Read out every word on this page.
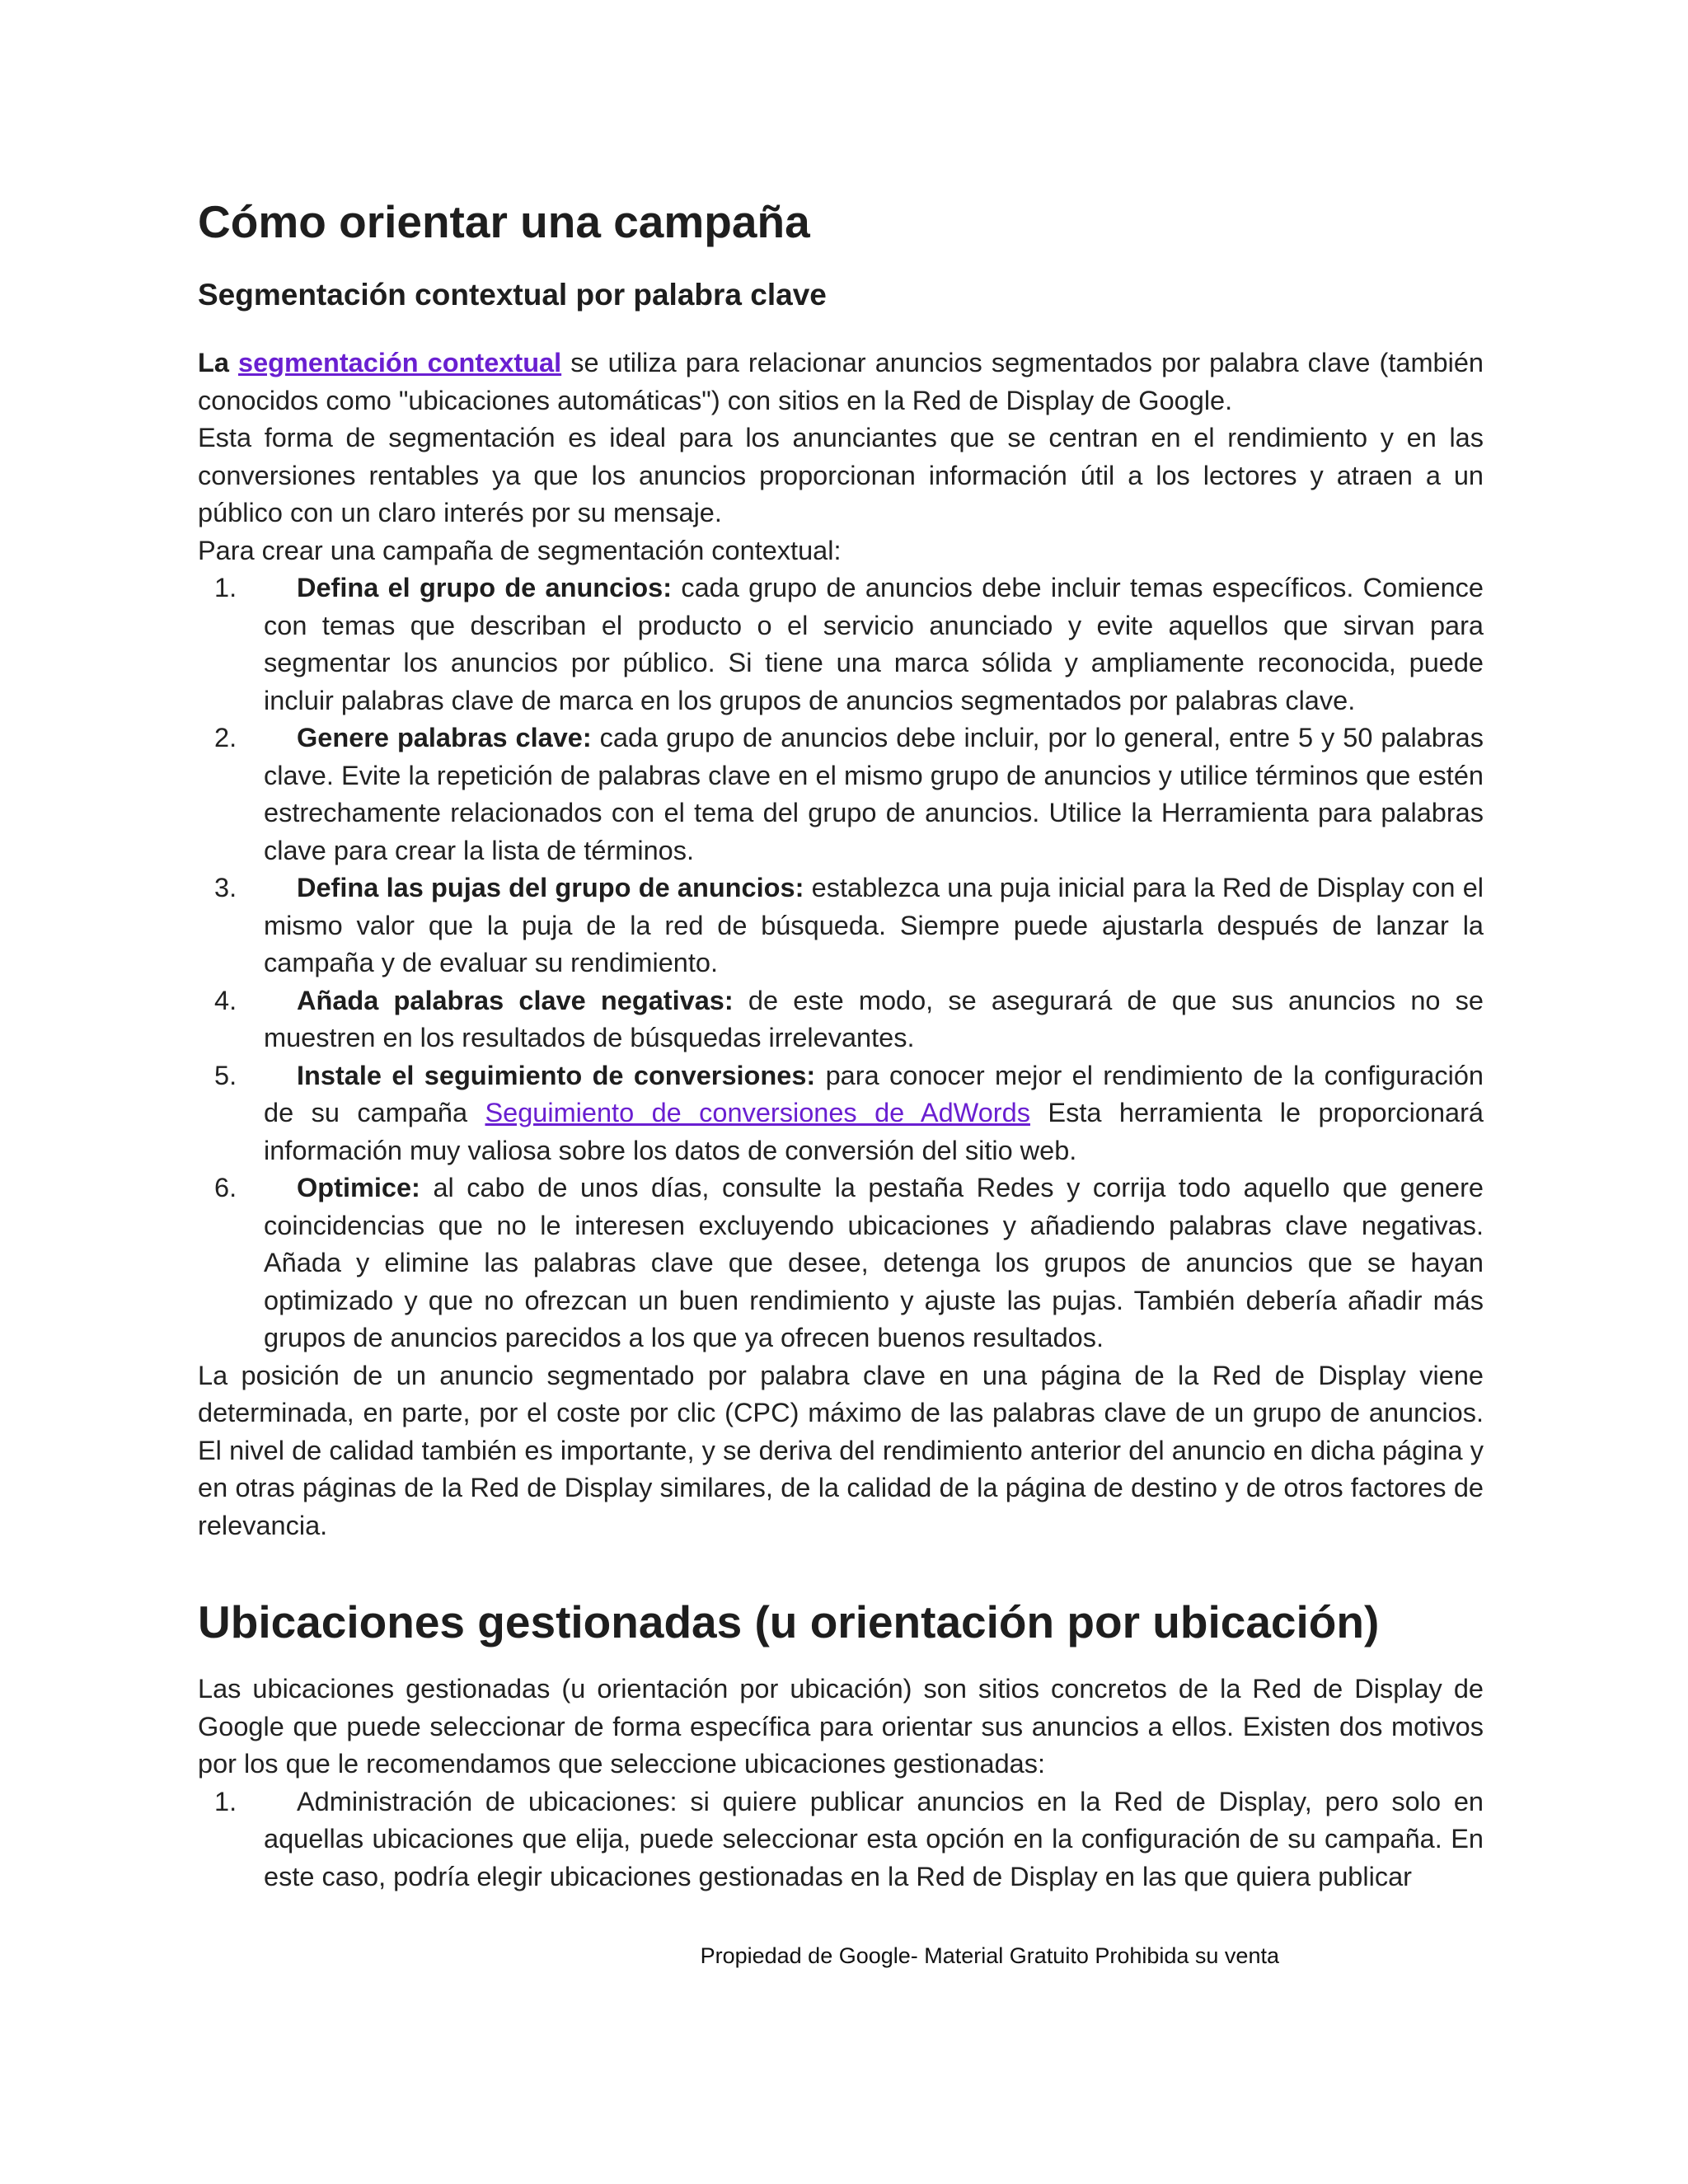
Cómo orientar una campaña
Segmentación contextual por palabra clave

La segmentación contextual se utiliza para relacionar anuncios segmentados por palabra clave (también conocidos como "ubicaciones automáticas") con sitios en la Red de Display de Google.

Esta forma de segmentación es ideal para los anunciantes que se centran en el rendimiento y en las conversiones rentables ya que los anuncios proporcionan información útil a los lectores y atraen a un público con un claro interés por su mensaje.

Para crear una campaña de segmentación contextual:

1.	Defina el grupo de anuncios: cada grupo de anuncios debe incluir temas específicos. Comience con temas que describan el producto o el servicio anunciado y evite aquellos que sirvan para segmentar los anuncios por público. Si tiene una marca sólida y ampliamente reconocida, puede incluir palabras clave de marca en los grupos de anuncios segmentados por palabras clave.
2.	Genere palabras clave: cada grupo de anuncios debe incluir, por lo general, entre 5 y 50 palabras clave. Evite la repetición de palabras clave en el mismo grupo de anuncios y utilice términos que estén estrechamente relacionados con el tema del grupo de anuncios. Utilice la Herramienta para palabras clave para crear la lista de términos.
3.	Defina las pujas del grupo de anuncios: establezca una puja inicial para la Red de Display con el mismo valor que la puja de la red de búsqueda. Siempre puede ajustarla después de lanzar la campaña y de evaluar su rendimiento.
4.	Añada palabras clave negativas: de este modo, se asegurará de que sus anuncios no se muestren en los resultados de búsquedas irrelevantes.
5.	Instale el seguimiento de conversiones: para conocer mejor el rendimiento de la configuración de su campaña Seguimiento de conversiones de AdWords Esta herramienta le proporcionará información muy valiosa sobre los datos de conversión del sitio web.
6.	Optimice: al cabo de unos días, consulte la pestaña Redes y corrija todo aquello que genere coincidencias que no le interesen excluyendo ubicaciones y añadiendo palabras clave negativas. Añada y elimine las palabras clave que desee, detenga los grupos de anuncios que se hayan optimizado y que no ofrezcan un buen rendimiento y ajuste las pujas. También debería añadir más grupos de anuncios parecidos a los que ya ofrecen buenos resultados.

La posición de un anuncio segmentado por palabra clave en una página de la Red de Display viene determinada, en parte, por el coste por clic (CPC) máximo de las palabras clave de un grupo de anuncios. El nivel de calidad también es importante, y se deriva del rendimiento anterior del anuncio en dicha página y en otras páginas de la Red de Display similares, de la calidad de la página de destino y de otros factores de relevancia.

Ubicaciones gestionadas (u orientación por ubicación)

Las ubicaciones gestionadas (u orientación por ubicación) son sitios concretos de la Red de Display de Google que puede seleccionar de forma específica para orientar sus anuncios a ellos. Existen dos motivos por los que le recomendamos que seleccione ubicaciones gestionadas:

1.	Administración de ubicaciones: si quiere publicar anuncios en la Red de Display, pero solo en aquellas ubicaciones que elija, puede seleccionar esta opción en la configuración de su campaña. En este caso, podría elegir ubicaciones gestionadas en la Red de Display en las que quiera publicar
Propiedad de Google- Material Gratuito Prohibida su venta
